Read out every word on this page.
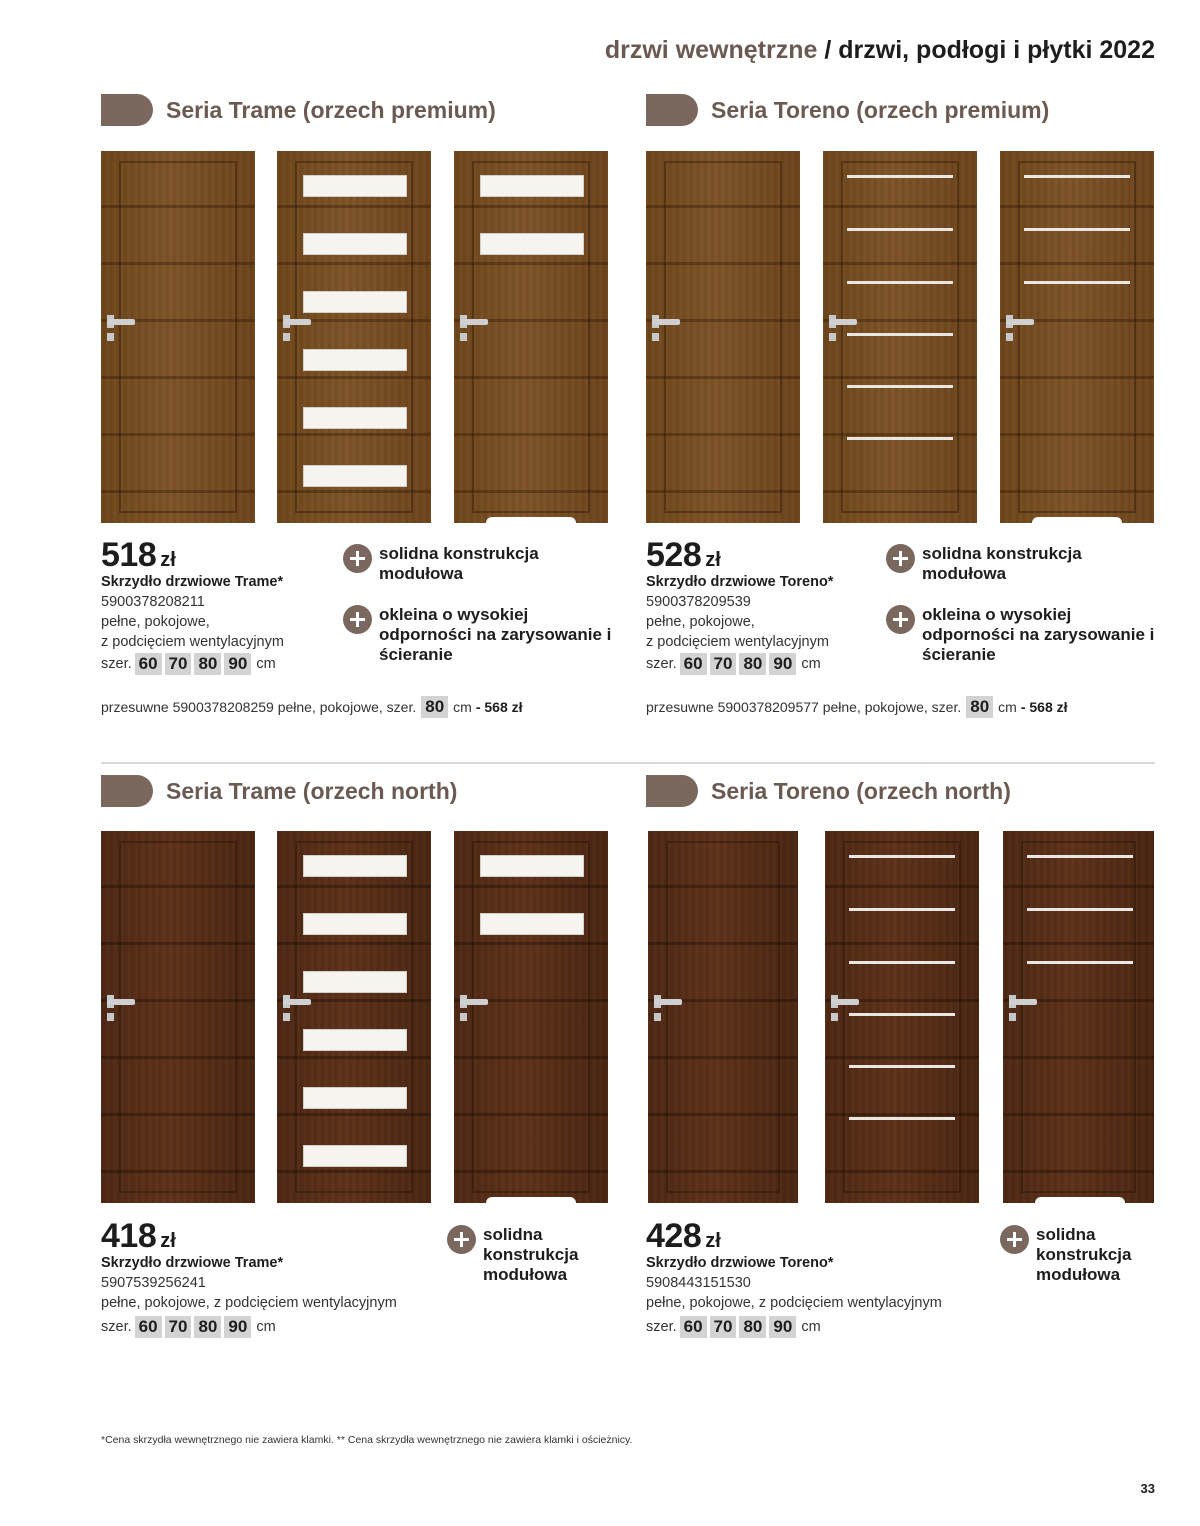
drzwi wewnętrzne / drzwi, podłogi i płytki 2022
Seria Trame (orzech premium)
518 zł
Skrzydło drzwiowe Trame*
5900378208211
pełne, pokojowe,
z podcięciem wentylacyjnym
szer. 60 70 80 90 cm
solidna konstrukcja modułowa
okleina o wysokiej odporności na zarysowanie i ścieranie
przesuwne 5900378208259 pełne, pokojowe, szer. 80 cm - 568 zł
Seria Toreno (orzech premium)
528 zł
Skrzydło drzwiowe Toreno*
5900378209539
pełne, pokojowe,
z podcięciem wentylacyjnym
szer. 60 70 80 90 cm
solidna konstrukcja modułowa
okleina o wysokiej odporności na zarysowanie i ścieranie
przesuwne 5900378209577 pełne, pokojowe, szer. 80 cm - 568 zł
Seria Trame (orzech north)
418 zł
Skrzydło drzwiowe Trame*
5907539256241
pełne, pokojowe, z podcięciem wentylacyjnym
szer. 60 70 80 90 cm
solidna konstrukcja modułowa
Seria Toreno (orzech north)
428 zł
Skrzydło drzwiowe Toreno*
5908443151530
pełne, pokojowe, z podcięciem wentylacyjnym
szer. 60 70 80 90 cm
solidna konstrukcja modułowa
*Cena skrzydła wewnętrznego nie zawiera klamki. ** Cena skrzydła wewnętrznego nie zawiera klamki i ościeżnicy.
33
